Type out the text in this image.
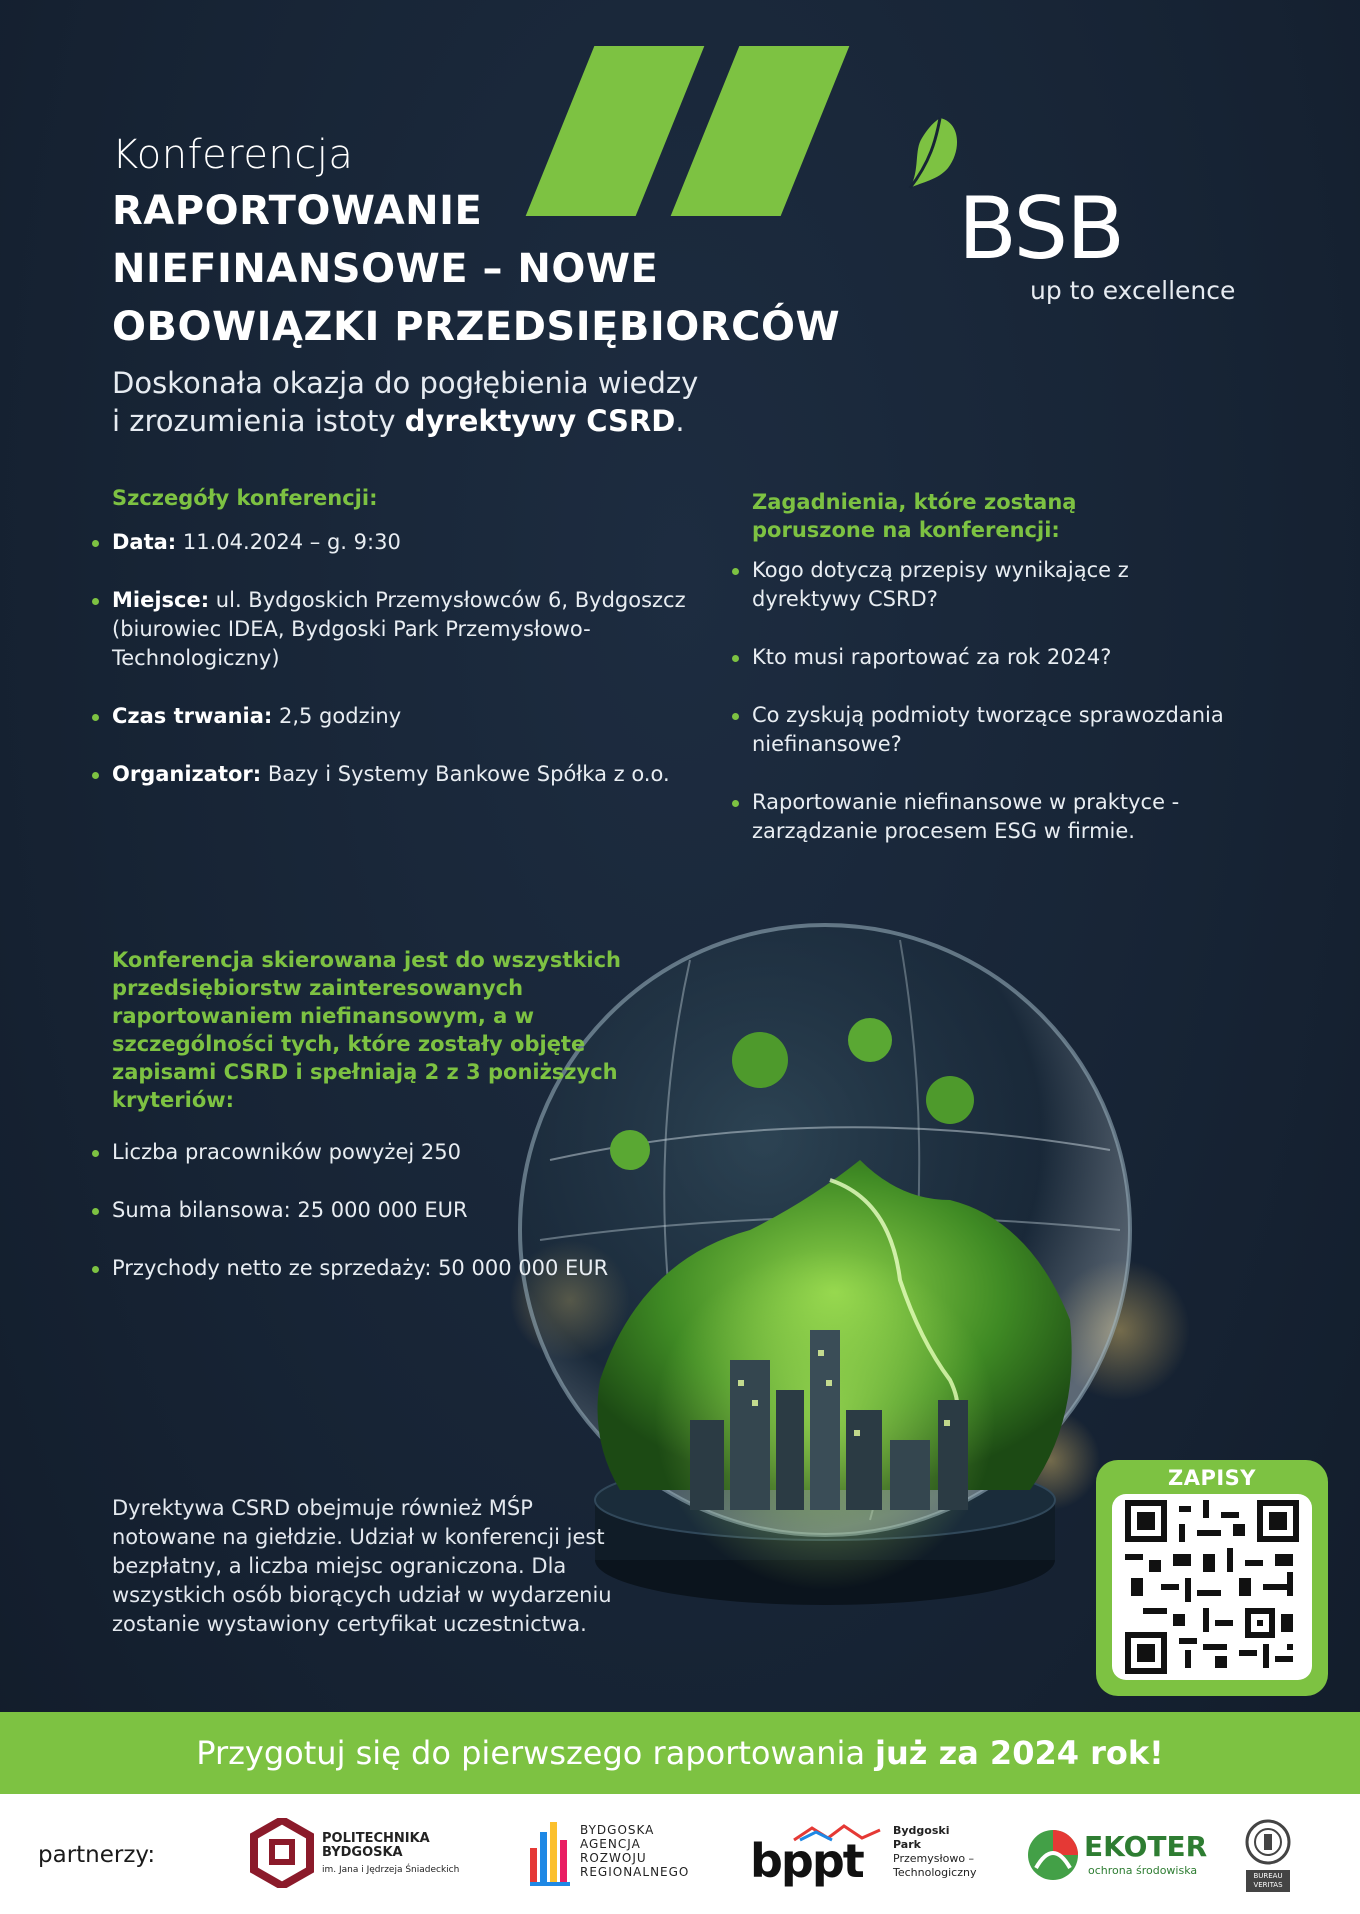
Konferencja
RAPORTOWANIE
NIEFINANSOWE – NOWE
OBOWIĄZKI PRZEDSIĘBIORCÓW
Doskonała okazja do pogłębienia wiedzy
i zrozumienia istoty dyrektywy CSRD.
BSB
up to excellence
Szczegóły konferencji:
Data: 11.04.2024 – g. 9:30
Miejsce: ul. Bydgoskich Przemysłowców 6, Bydgoszcz (biurowiec IDEA, Bydgoski Park Przemysłowo-Technologiczny)
Czas trwania: 2,5 godziny
Organizator: Bazy i Systemy Bankowe Spółka z o.o.
Zagadnienia, które zostaną poruszone na konferencji:
Kogo dotyczą przepisy wynikające z dyrektywy CSRD?
Kto musi raportować za rok 2024?
Co zyskują podmioty tworzące sprawozdania niefinansowe?
Raportowanie niefinansowe w praktyce - zarządzanie procesem ESG w firmie.
Konferencja skierowana jest do wszystkich przedsiębiorstw zainteresowanych raportowaniem niefinansowym, a w szczególności tych, które zostały objęte zapisami CSRD i spełniają 2 z 3 poniższych kryteriów:
Liczba pracowników powyżej 250
Suma bilansowa: 25 000 000 EUR
Przychody netto ze sprzedaży: 50 000 000 EUR
Dyrektywa CSRD obejmuje również MŚP notowane na giełdzie. Udział w konferencji jest bezpłatny, a liczba miejsc ograniczona. Dla wszystkich osób biorących udział w wydarzeniu zostanie wystawiony certyfikat uczestnictwa.
ZAPISY
Przygotuj się do pierwszego raportowania już za 2024 rok!
partnerzy:
POLITECHNIKA
BYDGOSKA
im. Jana i Jędrzeja Śniadeckich
BYDGOSKA
AGENCJA
ROZWOJU
REGIONALNEGO bppt
Bydgoski
Park
Przemysłowo –
Technologiczny
EKOTER
ochrona środowiska	BUREAU VERITAS
